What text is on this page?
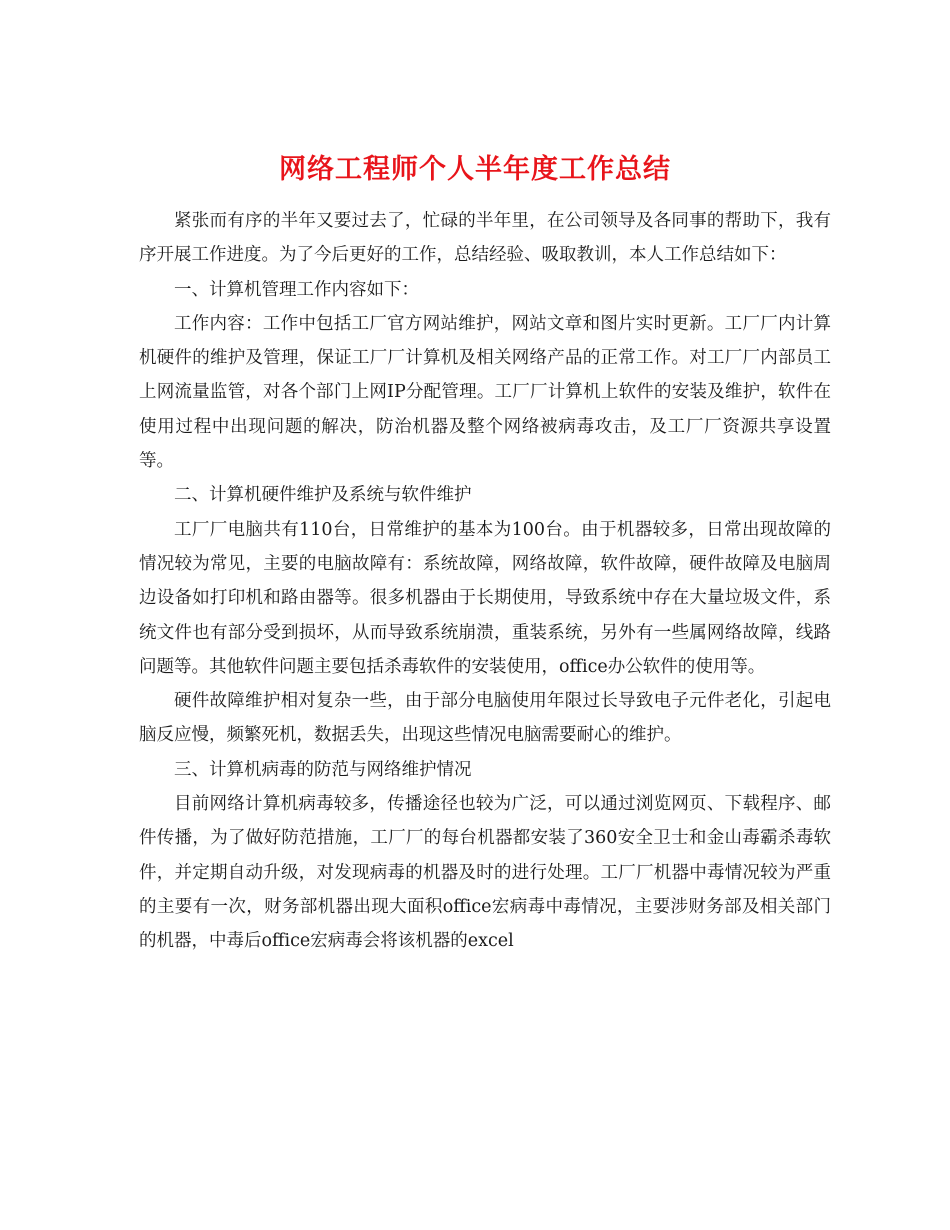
网络工程师个人半年度工作总结

紧张而有序的半年又要过去了，忙碌的半年里，在公司领导及各同事的帮助下，我有序开展工作进度。为了今后更好的工作，总结经验、吸取教训，本人工作总结如下：

一、计算机管理工作内容如下：

工作内容：工作中包括工厂官方网站维护，网站文章和图片实时更新。工厂厂内计算机硬件的维护及管理，保证工厂厂计算机及相关网络产品的正常工作。对工厂厂内部员工上网流量监管，对各个部门上网IP分配管理。工厂厂计算机上软件的安装及维护，软件在使用过程中出现问题的解决，防治机器及整个网络被病毒攻击，及工厂厂资源共享设置等。

二、计算机硬件维护及系统与软件维护

工厂厂电脑共有110台，日常维护的基本为100台。由于机器较多，日常出现故障的情况较为常见，主要的电脑故障有：系统故障，网络故障，软件故障，硬件故障及电脑周边设备如打印机和路由器等。很多机器由于长期使用，导致系统中存在大量垃圾文件，系统文件也有部分受到损坏，从而导致系统崩溃，重装系统，另外有一些属网络故障，线路问题等。其他软件问题主要包括杀毒软件的安装使用，office办公软件的使用等。

硬件故障维护相对复杂一些，由于部分电脑使用年限过长导致电子元件老化，引起电脑反应慢，频繁死机，数据丢失，出现这些情况电脑需要耐心的维护。

三、计算机病毒的防范与网络维护情况

目前网络计算机病毒较多，传播途径也较为广泛，可以通过浏览网页、下载程序、邮件传播，为了做好防范措施，工厂厂的每台机器都安装了360安全卫士和金山毒霸杀毒软件，并定期自动升级，对发现病毒的机器及时的进行处理。工厂厂机器中毒情况较为严重的主要有一次，财务部机器出现大面积office宏病毒中毒情况，主要涉财务部及相关部门的机器，中毒后office宏病毒会将该机器的excel
